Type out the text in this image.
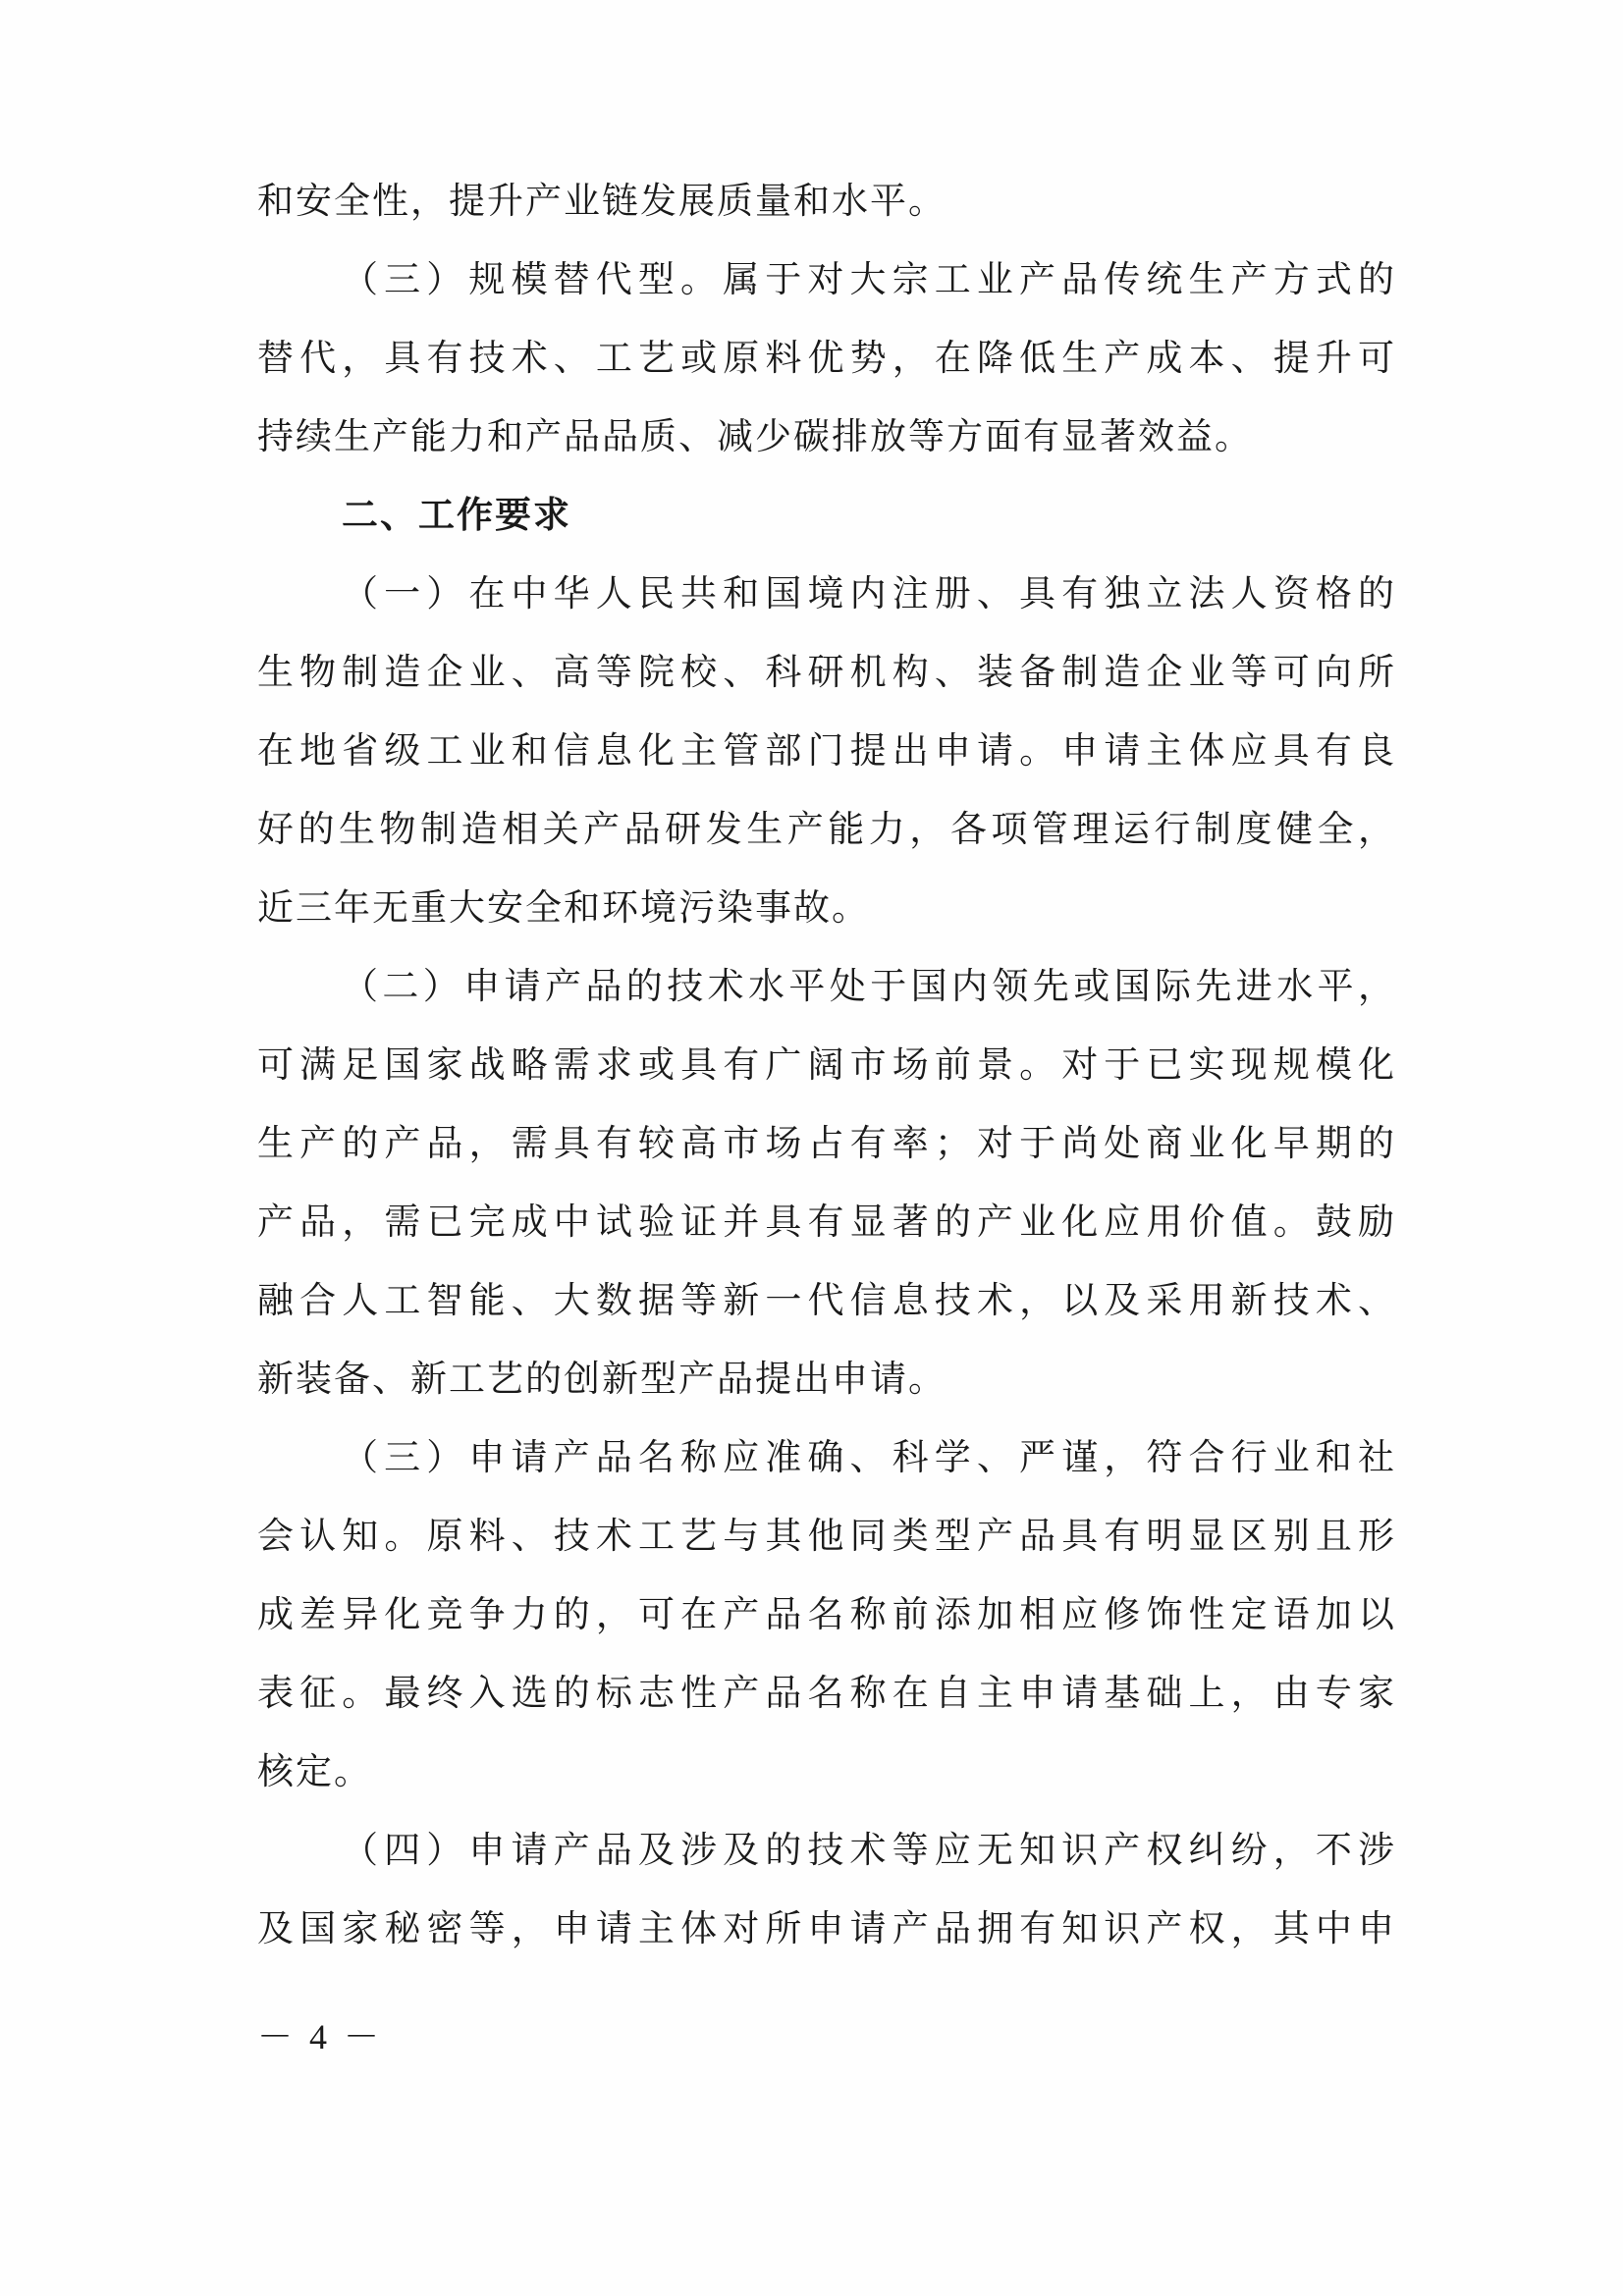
和安全性，提升产业链发展质量和水平。
（三）规模替代型。属于对大宗工业产品传统生产方式的
替代，具有技术、工艺或原料优势，在降低生产成本、提升可
持续生产能力和产品品质、减少碳排放等方面有显著效益。
二、工作要求
（一）在中华人民共和国境内注册、具有独立法人资格的
生物制造企业、高等院校、科研机构、装备制造企业等可向所
在地省级工业和信息化主管部门提出申请。申请主体应具有良
好的生物制造相关产品研发生产能力，各项管理运行制度健全，
近三年无重大安全和环境污染事故。
（二）申请产品的技术水平处于国内领先或国际先进水平，
可满足国家战略需求或具有广阔市场前景。对于已实现规模化
生产的产品，需具有较高市场占有率；对于尚处商业化早期的
产品，需已完成中试验证并具有显著的产业化应用价值。鼓励
融合人工智能、大数据等新一代信息技术，以及采用新技术、
新装备、新工艺的创新型产品提出申请。
（三）申请产品名称应准确、科学、严谨，符合行业和社
会认知。原料、技术工艺与其他同类型产品具有明显区别且形
成差异化竞争力的，可在产品名称前添加相应修饰性定语加以
表征。最终入选的标志性产品名称在自主申请基础上，由专家
核定。
（四）申请产品及涉及的技术等应无知识产权纠纷，不涉
及国家秘密等，申请主体对所申请产品拥有知识产权，其中申
－ 4 －
